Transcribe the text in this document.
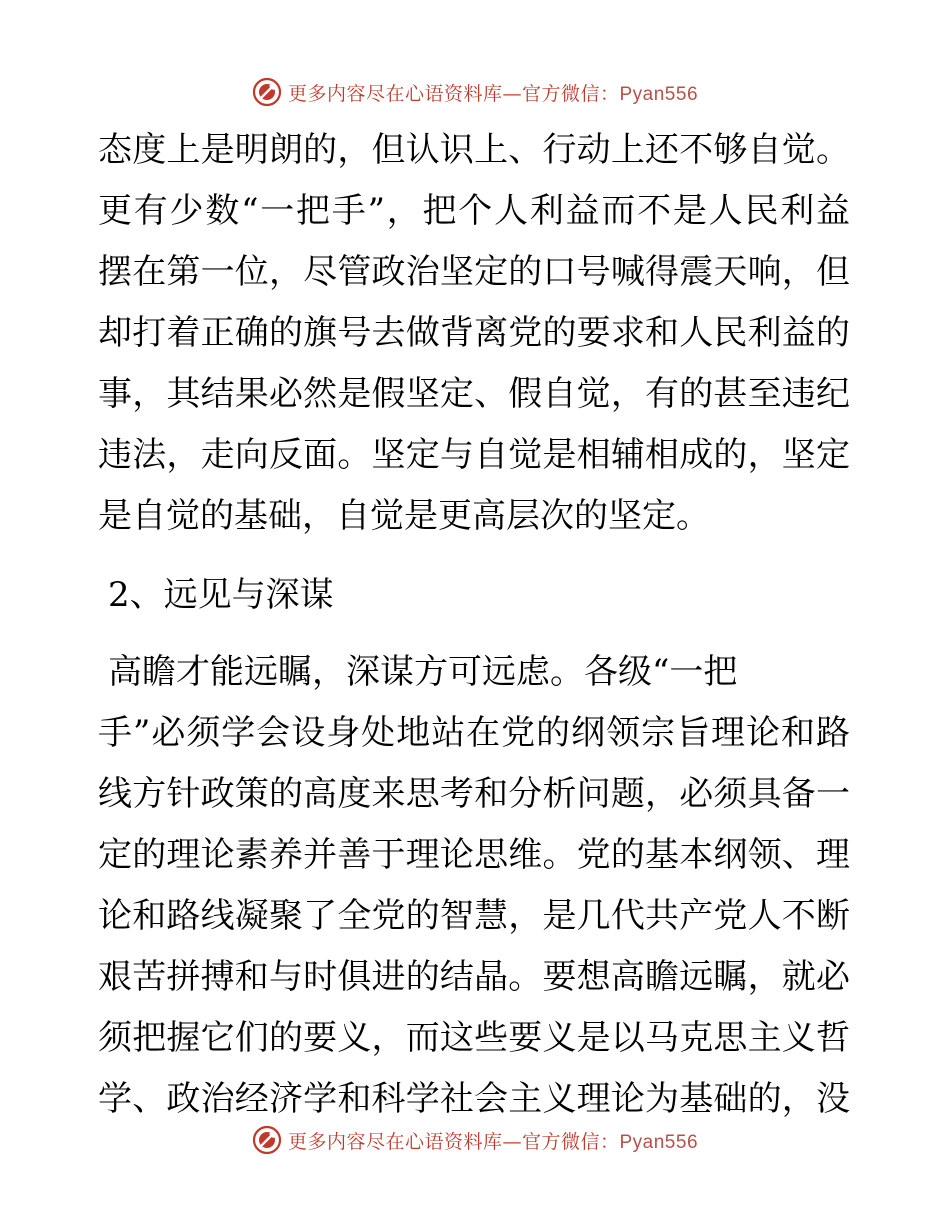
更多内容尽在心语资料库—官方微信：Pyan556
态度上是明朗的，但认识上、行动上还不够自觉。
更有少数“一把手”，把个人利益而不是人民利益
摆在第一位，尽管政治坚定的口号喊得震天响，但
却打着正确的旗号去做背离党的要求和人民利益的
事，其结果必然是假坚定、假自觉，有的甚至违纪
违法，走向反面。坚定与自觉是相辅相成的，坚定
是自觉的基础，自觉是更高层次的坚定。
2、远见与深谋
高瞻才能远瞩，深谋方可远虑。各级“一把
手”必须学会设身处地站在党的纲领宗旨理论和路
线方针政策的高度来思考和分析问题，必须具备一
定的理论素养并善于理论思维。党的基本纲领、理
论和路线凝聚了全党的智慧，是几代共产党人不断
艰苦拼搏和与时俱进的结晶。要想高瞻远瞩，就必
须把握它们的要义，而这些要义是以马克思主义哲
学、政治经济学和科学社会主义理论为基础的，没
更多内容尽在心语资料库—官方微信：Pyan556
